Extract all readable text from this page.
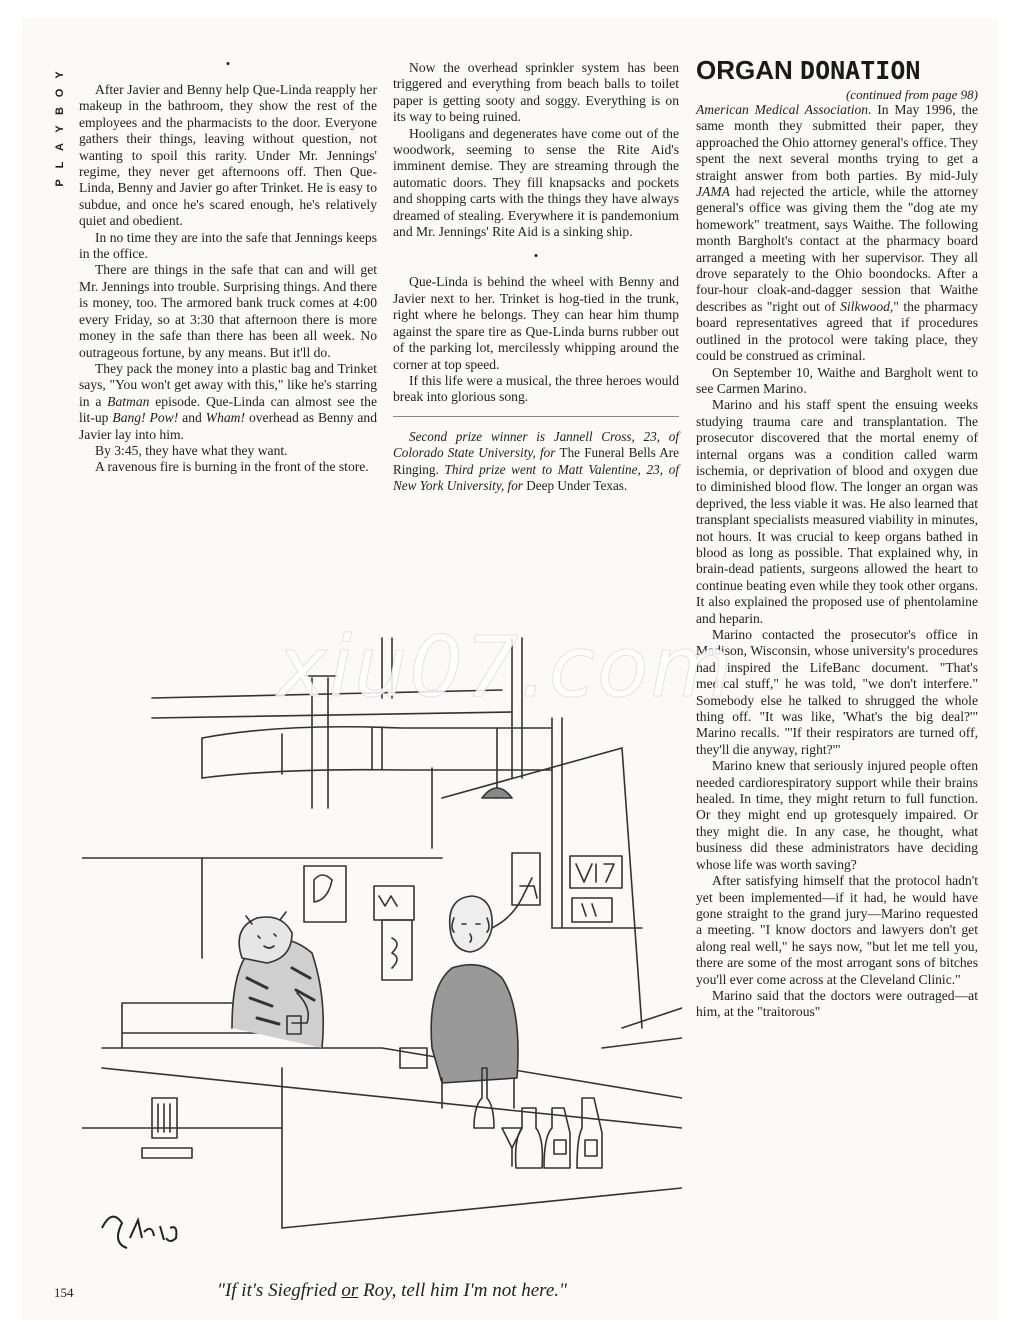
Y
O
B
Y
A
L
P
•

After Javier and Benny help Que-Linda reapply her makeup in the bathroom, they show the rest of the employees and the pharmacists to the door. Everyone gathers their things, leaving without question, not wanting to spoil this rarity. Under Mr. Jennings' regime, they never get afternoons off. Then Que-Linda, Benny and Javier go after Trinket. He is easy to subdue, and once he's scared enough, he's relatively quiet and obedient.

In no time they are into the safe that Jennings keeps in the office.

There are things in the safe that can and will get Mr. Jennings into trouble. Surprising things. And there is money, too. The armored bank truck comes at 4:00 every Friday, so at 3:30 that afternoon there is more money in the safe than there has been all week. No outrageous fortune, by any means. But it'll do.

They pack the money into a plastic bag and Trinket says, "You won't get away with this," like he's starring in a Batman episode. Que-Linda can almost see the lit-up Bang! Pow! and Wham! overhead as Benny and Javier lay into him.

By 3:45, they have what they want.

A ravenous fire is burning in the front of the store.

Now the overhead sprinkler system has been triggered and everything from beach balls to toilet paper is getting sooty and soggy. Everything is on its way to being ruined.

Hooligans and degenerates have come out of the woodwork, seeming to sense the Rite Aid's imminent demise. They are streaming through the automatic doors. They fill knapsacks and pockets and shopping carts with the things they have always dreamed of stealing. Everywhere it is pandemonium and Mr. Jennings' Rite Aid is a sinking ship.

•

Que-Linda is behind the wheel with Benny and Javier next to her. Trinket is hog-tied in the trunk, right where he belongs. They can hear him thump against the spare tire as Que-Linda burns rubber out of the parking lot, mercilessly whipping around the corner at top speed.

If this life were a musical, the three heroes would break into glorious song.

Second prize winner is Jannell Cross, 23, of Colorado State University, for The Funeral Bells Are Ringing. Third prize went to Matt Valentine, 23, of New York University, for Deep Under Texas.

ORGAN DONATION
(continued from page 98)

American Medical Association. In May 1996, the same month they submitted their paper, they approached the Ohio attorney general's office. They spent the next several months trying to get a straight answer from both parties. By mid-July JAMA had rejected the article, while the attorney general's office was giving them the "dog ate my homework" treatment, says Waithe. The following month Bargholt's contact at the pharmacy board arranged a meeting with her supervisor. They all drove separately to the Ohio boondocks. After a four-hour cloak-and-dagger session that Waithe describes as "right out of Silkwood," the pharmacy board representatives agreed that if procedures outlined in the protocol were taking place, they could be construed as criminal.

On September 10, Waithe and Bargholt went to see Carmen Marino.

Marino and his staff spent the ensuing weeks studying trauma care and transplantation. The prosecutor discovered that the mortal enemy of internal organs was a condition called warm ischemia, or deprivation of blood and oxygen due to diminished blood flow. The longer an organ was deprived, the less viable it was. He also learned that transplant specialists measured viability in minutes, not hours. It was crucial to keep organs bathed in blood as long as possible. That explained why, in brain-dead patients, surgeons allowed the heart to continue beating even while they took other organs. It also explained the proposed use of phentolamine and heparin.

Marino contacted the prosecutor's office in Madison, Wisconsin, whose university's procedures had inspired the LifeBanc document. "That's medical stuff," he was told, "we don't interfere." Somebody else he talked to shrugged the whole thing off. "It was like, 'What's the big deal?'" Marino recalls. "'If their respirators are turned off, they'll die anyway, right?'"

Marino knew that seriously injured people often needed cardiorespiratory support while their brains healed. In time, they might return to full function. Or they might end up grotesquely impaired. Or they might die. In any case, he thought, what business did these administrators have deciding whose life was worth saving?

After satisfying himself that the protocol hadn't yet been implemented—if it had, he would have gone straight to the grand jury—Marino requested a meeting. "I know doctors and lawyers don't get along real well," he says now, "but let me tell you, there are some of the most arrogant sons of bitches you'll ever come across at the Cleveland Clinic."

Marino said that the doctors were outraged—at him, at the "traitorous"

xiu07.com
"If it's Siegfried or Roy, tell him I'm not here."
154
